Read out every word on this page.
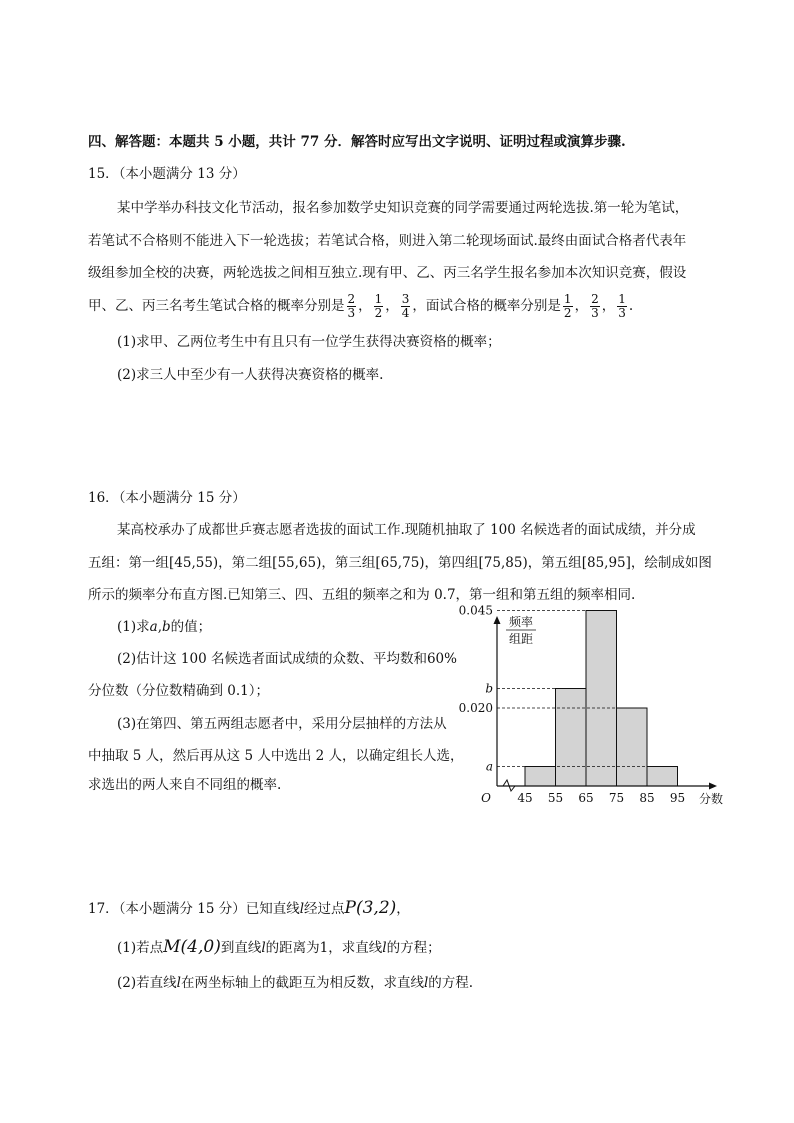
四、解答题：本题共 5 小题，共计 77 分．解答时应写出文字说明、证明过程或演算步骤.
15．（本小题满分 13 分）
某中学举办科技文化节活动，报名参加数学史知识竞赛的同学需要通过两轮选拔.第一轮为笔试，
若笔试不合格则不能进入下一轮选拔；若笔试合格，则进入第二轮现场面试.最终由面试合格者代表年
级组参加全校的决赛，两轮选拔之间相互独立.现有甲、乙、丙三名学生报名参加本次知识竞赛，假设
甲、乙、丙三名考生笔试合格的概率分别是 $\frac{2}{3}$ ， $\frac{1}{2}$ ， $\frac{3}{4}$ ，面试合格的概率分别是 $\frac{1}{2}$ ， $\frac{2}{3}$ ， $\frac{1}{3}$ .
(1)求甲、乙两位考生中有且只有一位学生获得决赛资格的概率；
(2)求三人中至少有一人获得决赛资格的概率.
16．（本小题满分 15 分）
某高校承办了成都世乒赛志愿者选拔的面试工作.现随机抽取了 100 名候选者的面试成绩，并分成
五组：第一组[45,55)，第二组[55,65)，第三组[65,75)，第四组[75,85)，第五组[85,95]，绘制成如图
所示的频率分布直方图.已知第三、四、五组的频率之和为 0.7，第一组和第五组的频率相同.
(1)求a,b的值；
(2)估计这 100 名候选者面试成绩的众数、平均数和60%
分位数（分位数精确到 0.1）；
(3)在第四、第五两组志愿者中，采用分层抽样的方法从
中抽取 5 人，然后再从这 5 人中选出 2 人，以确定组长人选，
求选出的两人来自不同组的概率.
a
0.020
b
0.045
45 55 65 75 85 95
O	分数
频率
组距
17．（本小题满分 15 分）已知直线l经过点P(3,2)，
(1)若点M(4,0)到直线l的距离为1，求直线l的方程；
(2)若直线l在两坐标轴上的截距互为相反数，求直线l的方程.
